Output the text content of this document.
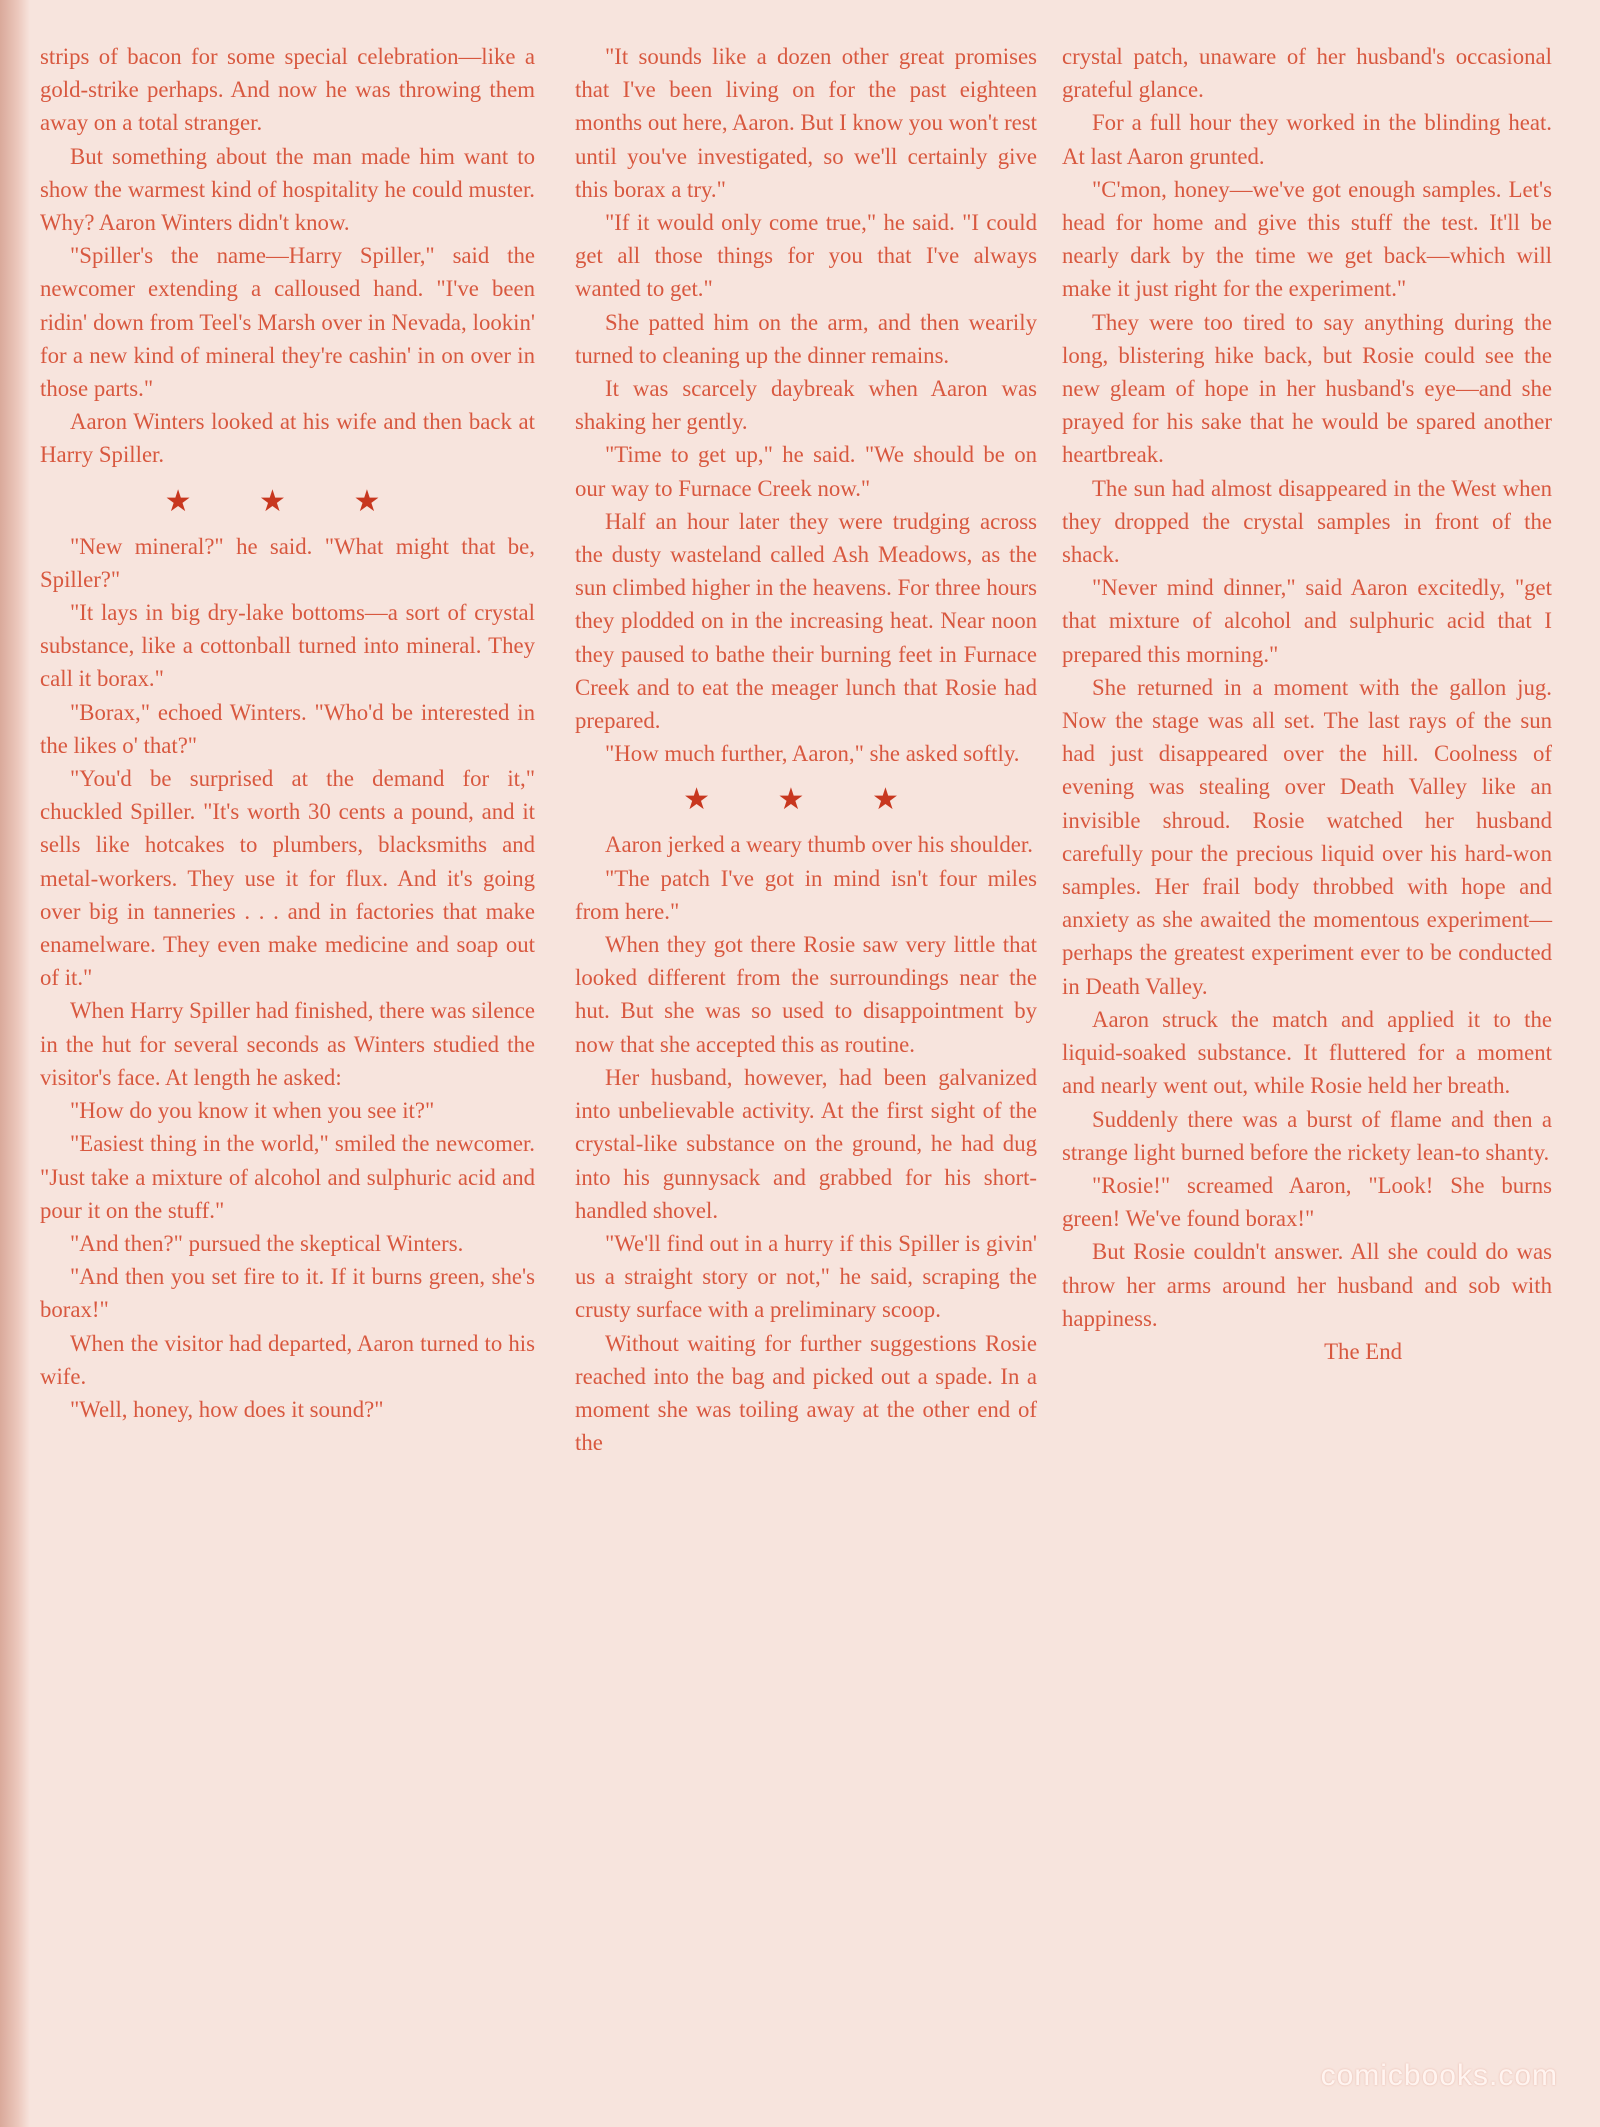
strips of bacon for some special celebration—like a gold-strike perhaps. And now he was throwing them away on a total stranger.

But something about the man made him want to show the warmest kind of hospitality he could muster. Why? Aaron Winters didn't know.

"Spiller's the name—Harry Spiller," said the newcomer extending a calloused hand. "I've been ridin' down from Teel's Marsh over in Nevada, lookin' for a new kind of mineral they're cashin' in on over in those parts."

Aaron Winters looked at his wife and then back at Harry Spiller.

★ ★ ★

"New mineral?" he said. "What might that be, Spiller?"

"It lays in big dry-lake bottoms—a sort of crystal substance, like a cottonball turned into mineral. They call it borax."

"Borax," echoed Winters. "Who'd be interested in the likes o' that?"

"You'd be surprised at the demand for it," chuckled Spiller. "It's worth 30 cents a pound, and it sells like hotcakes to plumbers, blacksmiths and metal-workers. They use it for flux. And it's going over big in tanneries . . . and in factories that make enamelware. They even make medicine and soap out of it."

When Harry Spiller had finished, there was silence in the hut for several seconds as Winters studied the visitor's face. At length he asked:

"How do you know it when you see it?"

"Easiest thing in the world," smiled the newcomer. "Just take a mixture of alcohol and sulphuric acid and pour it on the stuff."

"And then?" pursued the skeptical Winters.

"And then you set fire to it. If it burns green, she's borax!"

When the visitor had departed, Aaron turned to his wife.

"Well, honey, how does it sound?"

"It sounds like a dozen other great promises that I've been living on for the past eighteen months out here, Aaron. But I know you won't rest until you've investigated, so we'll certainly give this borax a try."

"If it would only come true," he said. "I could get all those things for you that I've always wanted to get."

She patted him on the arm, and then wearily turned to cleaning up the dinner remains.

It was scarcely daybreak when Aaron was shaking her gently.

"Time to get up," he said. "We should be on our way to Furnace Creek now."

Half an hour later they were trudging across the dusty wasteland called Ash Meadows, as the sun climbed higher in the heavens. For three hours they plodded on in the increasing heat. Near noon they paused to bathe their burning feet in Furnace Creek and to eat the meager lunch that Rosie had prepared.

"How much further, Aaron," she asked softly.

★ ★ ★

Aaron jerked a weary thumb over his shoulder.

"The patch I've got in mind isn't four miles from here."

When they got there Rosie saw very little that looked different from the surroundings near the hut. But she was so used to disappointment by now that she accepted this as routine.

Her husband, however, had been galvanized into unbelievable activity. At the first sight of the crystal-like substance on the ground, he had dug into his gunnysack and grabbed for his short-handled shovel.

"We'll find out in a hurry if this Spiller is givin' us a straight story or not," he said, scraping the crusty surface with a preliminary scoop.

Without waiting for further suggestions Rosie reached into the bag and picked out a spade. In a moment she was toiling away at the other end of the

crystal patch, unaware of her husband's occasional grateful glance.

For a full hour they worked in the blinding heat. At last Aaron grunted.

"C'mon, honey—we've got enough samples. Let's head for home and give this stuff the test. It'll be nearly dark by the time we get back—which will make it just right for the experiment."

They were too tired to say anything during the long, blistering hike back, but Rosie could see the new gleam of hope in her husband's eye—and she prayed for his sake that he would be spared another heartbreak.

The sun had almost disappeared in the West when they dropped the crystal samples in front of the shack.

"Never mind dinner," said Aaron excitedly, "get that mixture of alcohol and sulphuric acid that I prepared this morning."

She returned in a moment with the gallon jug. Now the stage was all set. The last rays of the sun had just disappeared over the hill. Coolness of evening was stealing over Death Valley like an invisible shroud. Rosie watched her husband carefully pour the precious liquid over his hard-won samples. Her frail body throbbed with hope and anxiety as she awaited the momentous experiment—perhaps the greatest experiment ever to be conducted in Death Valley.

Aaron struck the match and applied it to the liquid-soaked substance. It fluttered for a moment and nearly went out, while Rosie held her breath.

Suddenly there was a burst of flame and then a strange light burned before the rickety lean-to shanty.

"Rosie!" screamed Aaron, "Look! She burns green! We've found borax!"

But Rosie couldn't answer. All she could do was throw her arms around her husband and sob with happiness.

The End

comicbooks.com
